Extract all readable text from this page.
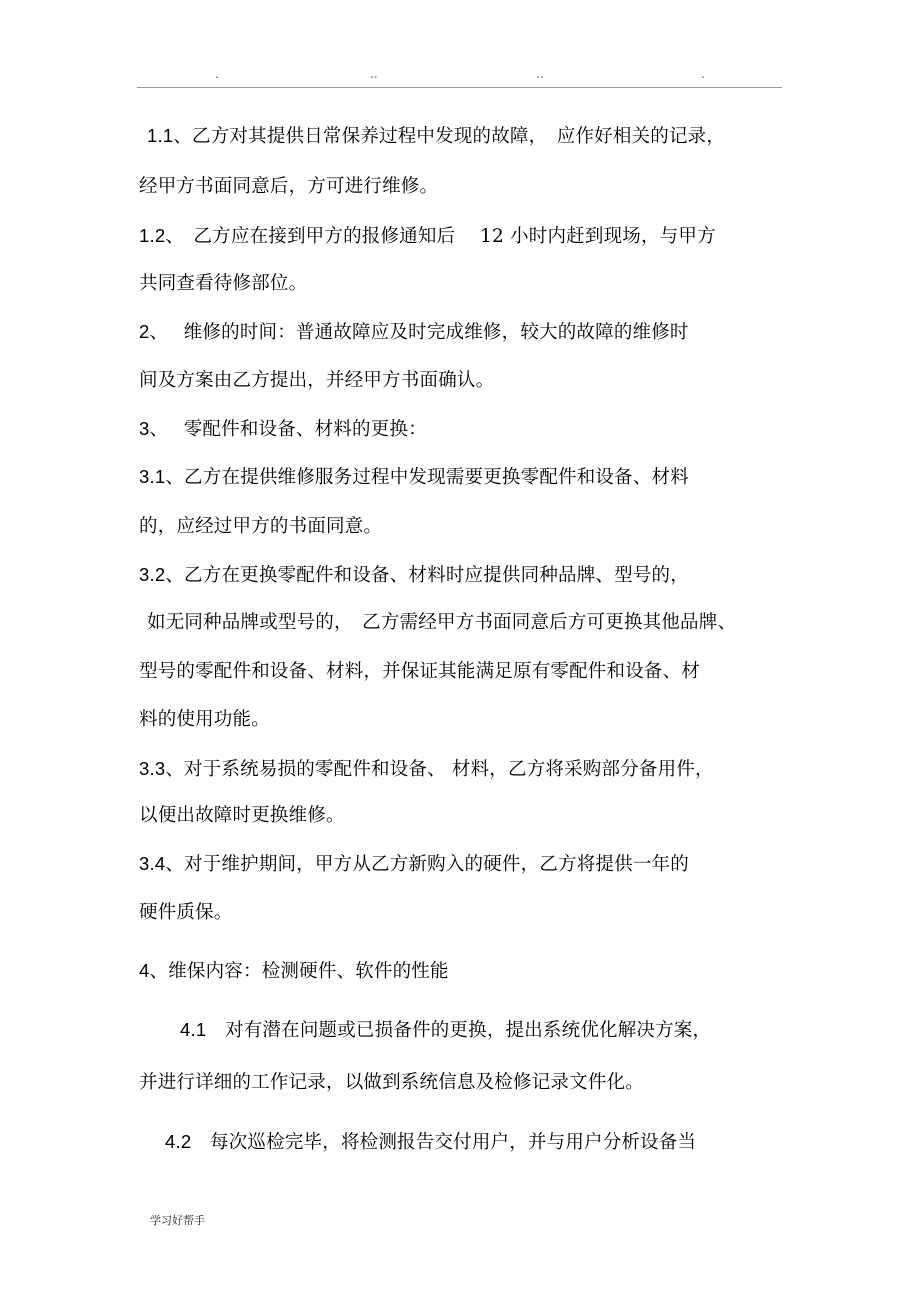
.	..	..	.
1.1、乙方对其提供日常保养过程中发现的故障，　应作好相关的记录，
经甲方书面同意后，方可进行维修。
1.2、　乙方应在接到甲方的报修通知后　 12 小时内赶到现场，与甲方
共同查看待修部位。
2、　 维修的时间：普通故障应及时完成维修，较大的故障的维修时
间及方案由乙方提出，并经甲方书面确认。
3、　 零配件和设备、材料的更换：
3.1、乙方在提供维修服务过程中发现需要更换零配件和设备、材料
的，应经过甲方的书面同意。
3.2、乙方在更换零配件和设备、材料时应提供同种品牌、型号的，
如无同种品牌或型号的，　乙方需经甲方书面同意后方可更换其他品牌、
型号的零配件和设备、材料，并保证其能满足原有零配件和设备、材
料的使用功能。
3.3、对于系统易损的零配件和设备、 材料，乙方将采购部分备用件，
以便出故障时更换维修。
3.4、对于维护期间，甲方从乙方新购入的硬件，乙方将提供一年的
硬件质保。
4、维保内容：检测硬件、软件的性能
4.1　对有潜在问题或已损备件的更换，提出系统优化解决方案，
并进行详细的工作记录，以做到系统信息及检修记录文件化。
4.2　每次巡检完毕，将检测报告交付用户，并与用户分析设备当
学习好帮手
